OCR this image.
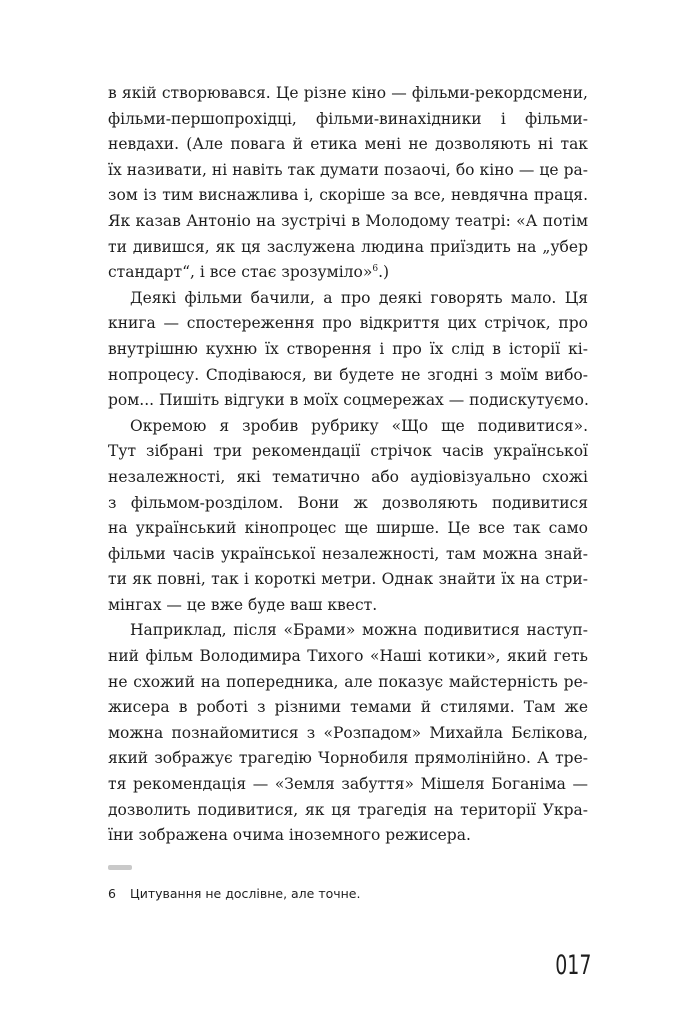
в якій створювався. Це різне кіно — фільми-рекордсмени,
фільми-першопрохідці, фільми-винахідники і фільми-
невдахи. (Але повага й етика мені не дозволяють ні так
їх називати, ні навіть так думати позаочі, бо кіно — це ра-
зом із тим виснажлива і, скоріше за все, невдячна праця.
Як казав Антоніо на зустрічі в Молодому театрі: «А потім
ти дивишся, як ця заслужена людина приїздить на „убер
стандарт“, і все стає зрозуміло»$^6$.)
Деякі фільми бачили, а про деякі говорять мало. Ця
книга — спостереження про відкриття цих стрічок, про
внутрішню кухню їх створення і про їх слід в історії кі-
нопроцесу. Сподіваюся, ви будете не згодні з моїм вибо-
ром... Пишіть відгуки в моїх соцмережах — подискутуємо.
Окремою я зробив рубрику «Що ще подивитися».
Тут зібрані три рекомендації стрічок часів української
незалежності, які тематично або аудіовізуально схожі
з фільмом-розділом. Вони ж дозволяють подивитися
на український кінопроцес ще ширше. Це все так само
фільми часів української незалежності, там можна знай-
ти як повні, так і короткі метри. Однак знайти їх на стри-
мінгах — це вже буде ваш квест.
Наприклад, після «Брами» можна подивитися наступ-
ний фільм Володимира Тихого «Наші котики», який геть
не схожий на попередника, але показує майстерність ре-
жисера в роботі з різними темами й стилями. Там же
можна познайомитися з «Розпадом» Михайла Бєлікова,
який зображує трагедію Чорнобиля прямолінійно. А тре-
тя рекомендація — «Земля забуття» Мішеля Боганіма —
дозволить подивитися, як ця трагедія на території Укра-
їни зображена очима іноземного режисера.
6 Цитування не дослівне, але точне.
017
